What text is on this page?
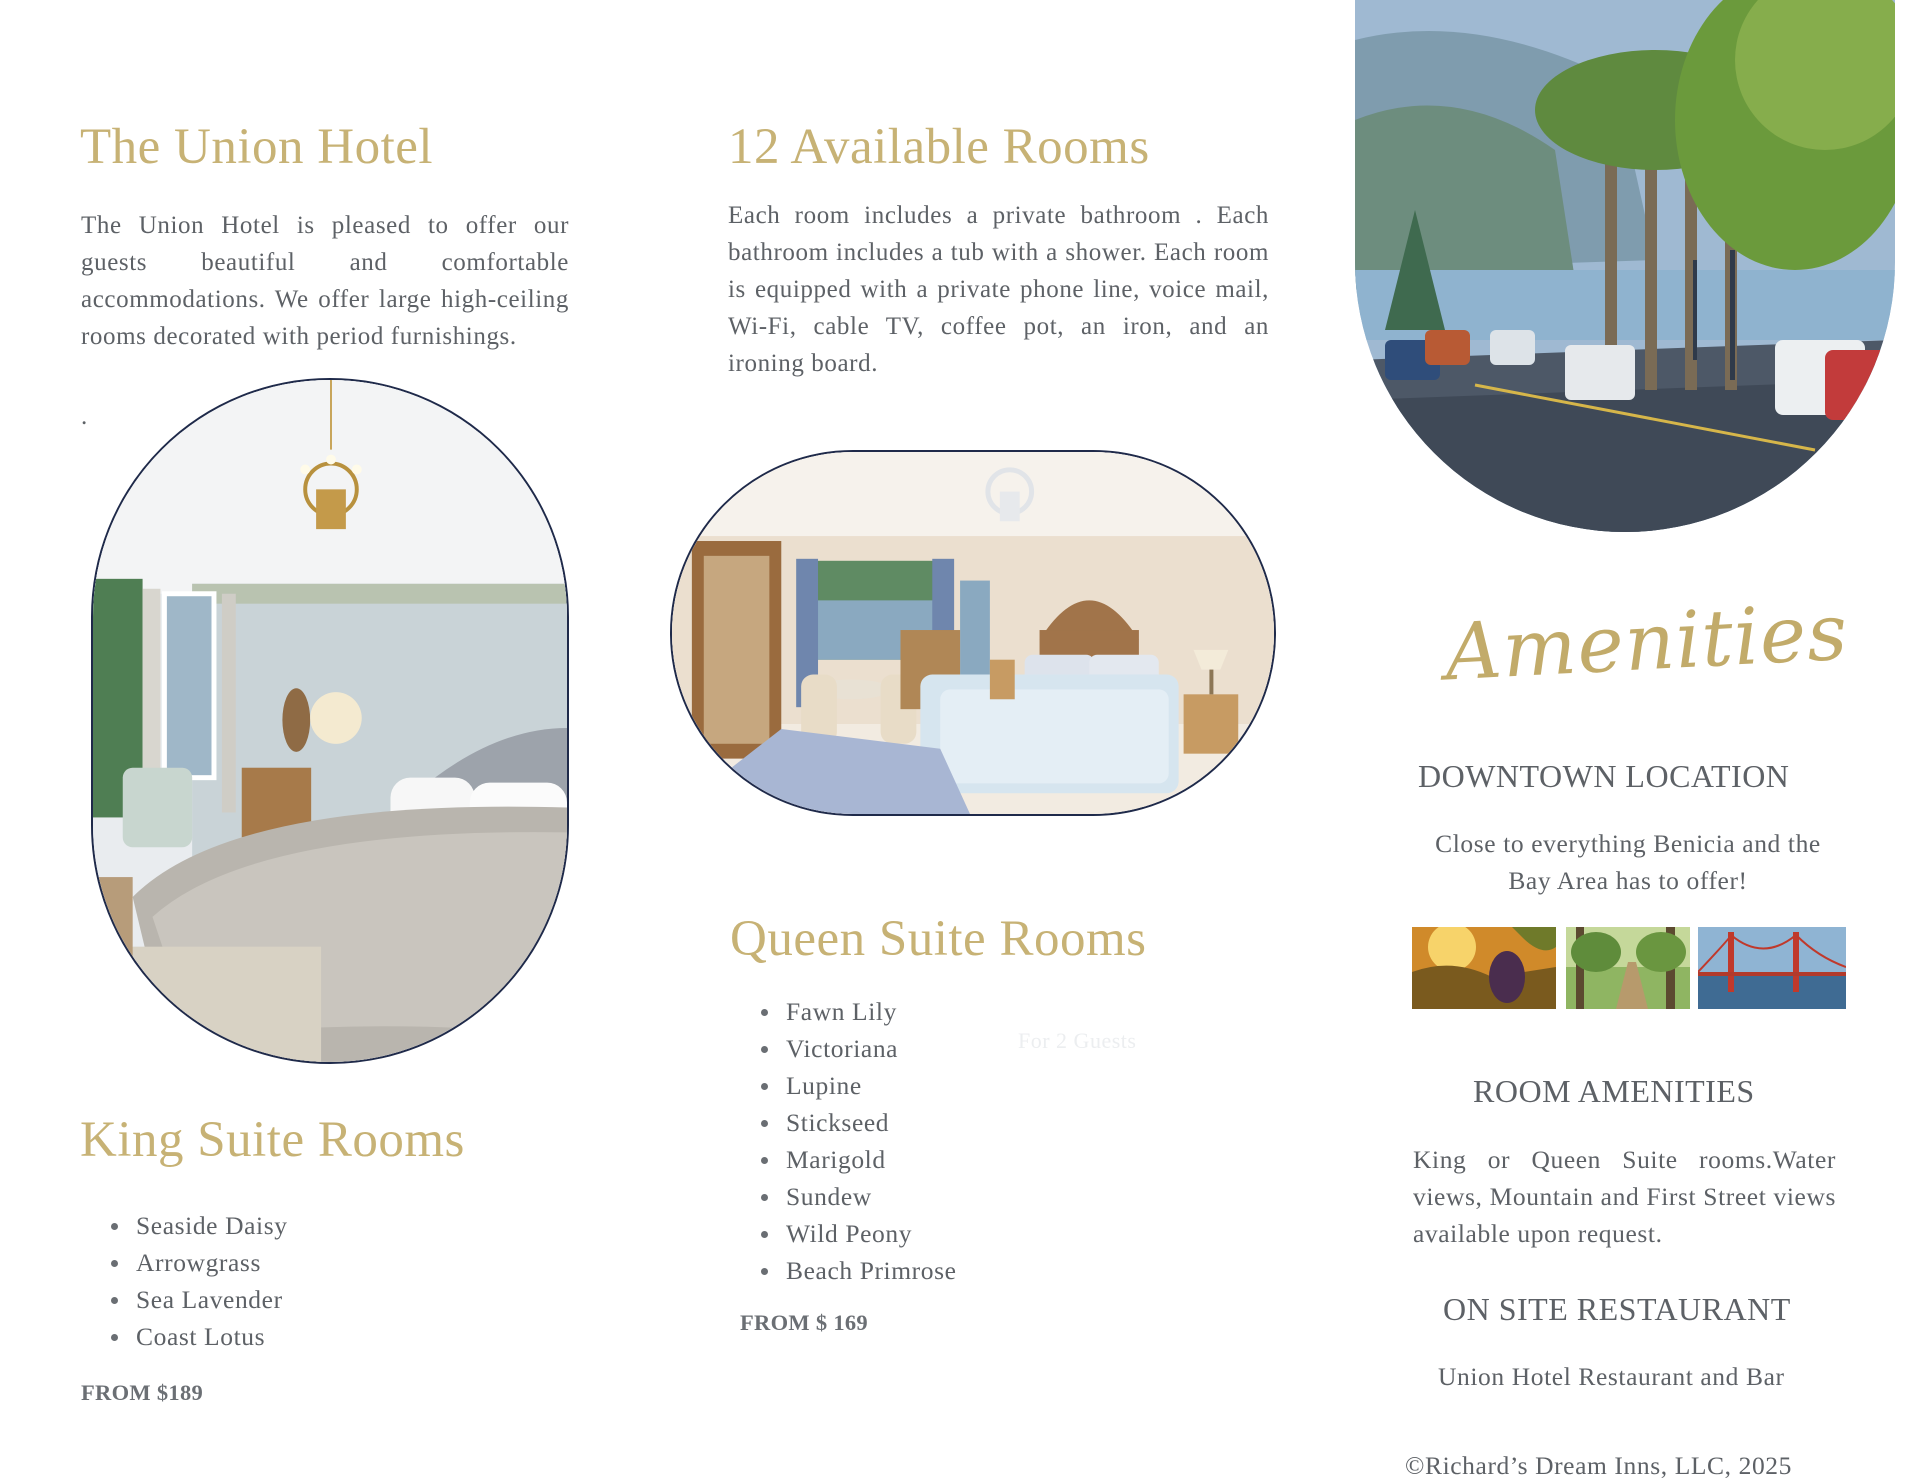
The Union Hotel

The Union Hotel is pleased to offer our guests beautiful and comfortable accommodations. We offer large high-ceiling rooms decorated with period furnishings.

.
King Suite Rooms
Seaside Daisy
Arrowgrass
Sea Lavender
Coast Lotus
FROM $189
12 Available Rooms

Each room includes a private bathroom . Each bathroom includes a tub with a shower. Each room is equipped with a private phone line, voice mail, Wi-Fi, cable TV, coffee pot, an iron, and an ironing board.

Queen Suite Rooms
For 2 Guests
Fawn Lily
Victoriana
Lupine
Stickseed
Marigold
Sundew
Wild Peony
Beach Primrose
FROM $ 169
Amenities
DOWNTOWN LOCATION

Close to everything Benicia and the Bay Area has to offer!

ROOM AMENITIES

King or Queen Suite rooms.Water views, Mountain and First Street views available upon request.

ON SITE RESTAURANT

Union Hotel Restaurant and Bar

©Richard’s Dream Inns, LLC, 2025
